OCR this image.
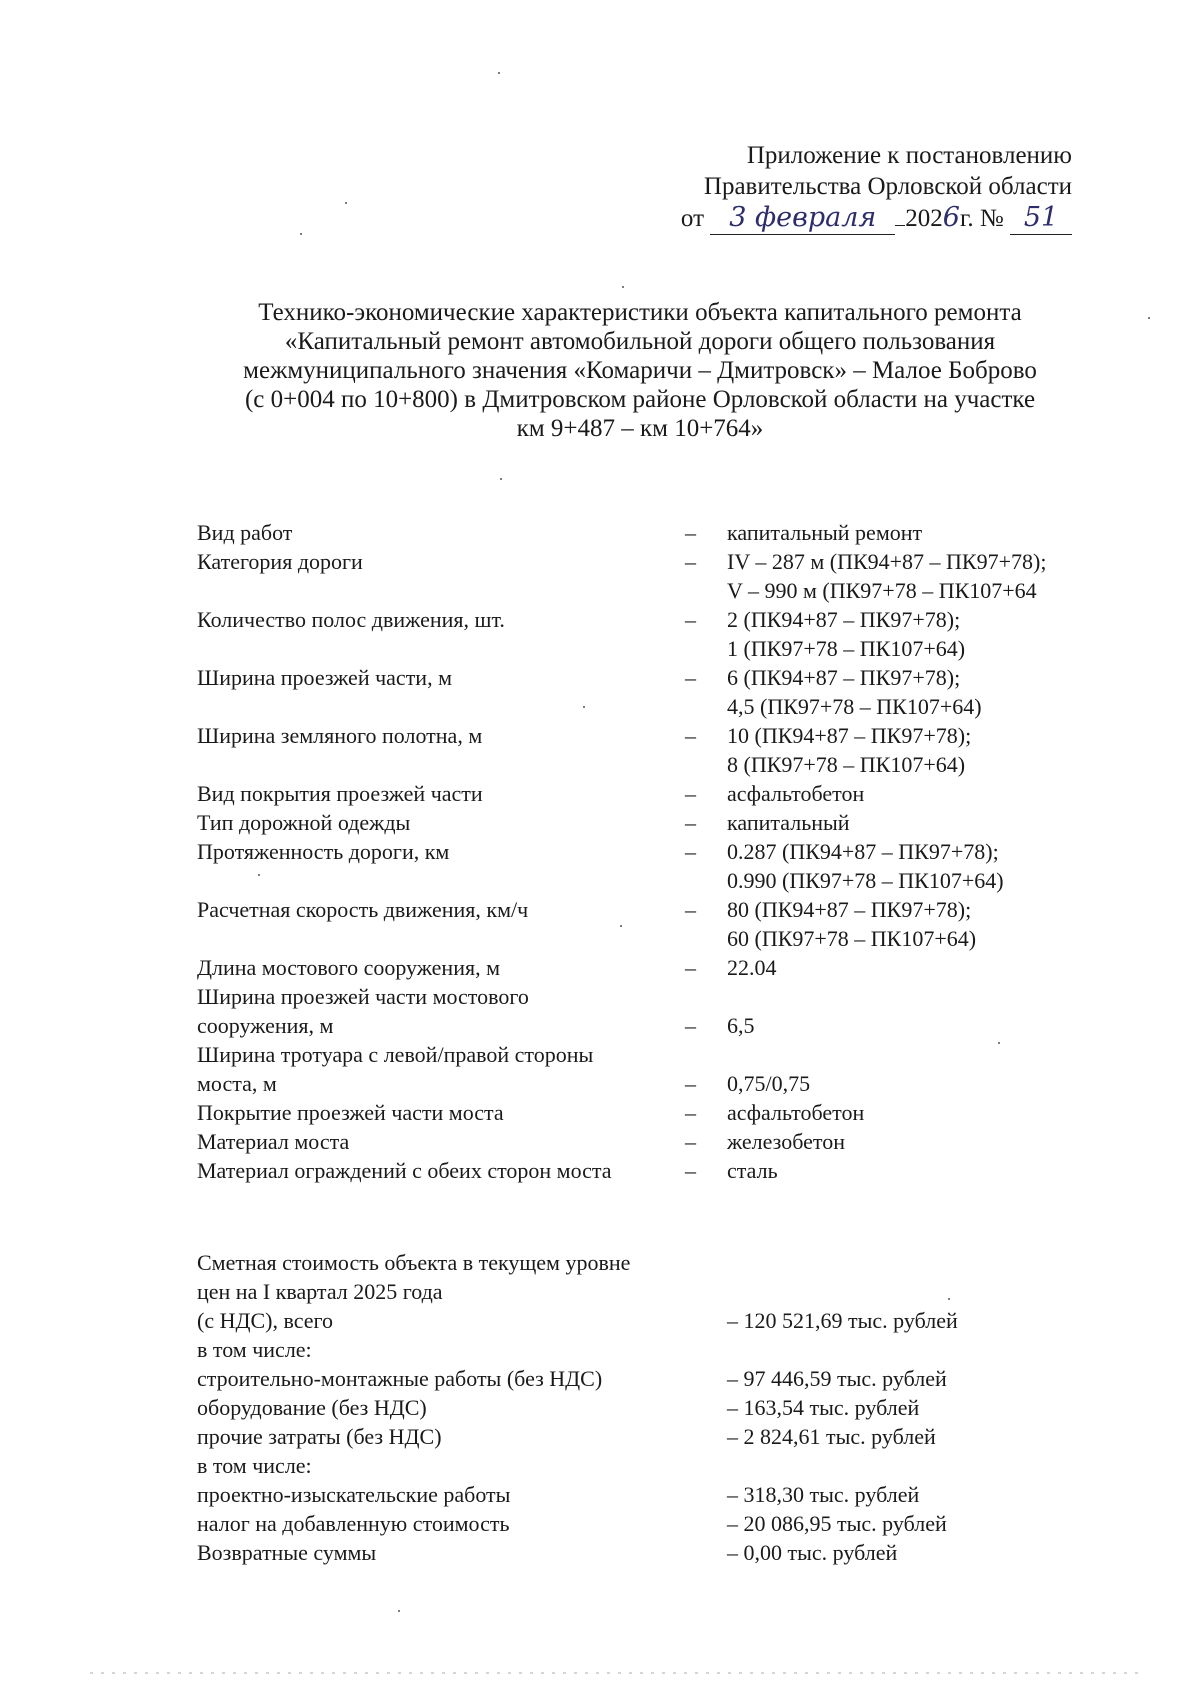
Приложение к постановлению
Правительства Орловской области
от 3 февраля 2026г. № 51
Технико-экономические характеристики объекта капитального ремонта
«Капитальный ремонт автомобильной дороги общего пользования
межмуниципального значения «Комаричи – Дмитровск» – Малое Боброво
(с 0+004 по 10+800) в Дмитровском районе Орловской области на участке
км 9+487 – км 10+764»
Вид работ	–	капитальный ремонт
Категория дороги	–	IV – 287 м (ПК94+87 – ПК97+78);
V – 990 м (ПК97+78 – ПК107+64
Количество полос движения, шт.	–	2 (ПК94+87 – ПК97+78);
1 (ПК97+78 – ПК107+64)
Ширина проезжей части, м	–	6 (ПК94+87 – ПК97+78);
4,5 (ПК97+78 – ПК107+64)
Ширина земляного полотна, м	–	10 (ПК94+87 – ПК97+78);
8 (ПК97+78 – ПК107+64)
Вид покрытия проезжей части	–	асфальтобетон
Тип дорожной одежды	–	капитальный
Протяженность дороги, км	–	0.287 (ПК94+87 – ПК97+78);
0.990 (ПК97+78 – ПК107+64)
Расчетная скорость движения, км/ч	–	80 (ПК94+87 – ПК97+78);
60 (ПК97+78 – ПК107+64)
Длина мостового сооружения, м	–	22.04
Ширина проезжей части мостового
сооружения, м	–	6,5
Ширина тротуара с левой/правой стороны
моста, м	–	0,75/0,75
Покрытие проезжей части моста	–	асфальтобетон
Материал моста	–	железобетон
Материал ограждений с обеих сторон моста	–	сталь
Сметная стоимость объекта в текущем уровне
цен на I квартал 2025 года
(с НДС), всего	– 120 521,69 тыс. рублей
в том числе:
строительно-монтажные работы (без НДС)	– 97 446,59 тыс. рублей
оборудование (без НДС)	– 163,54 тыс. рублей
прочие затраты (без НДС)	– 2 824,61 тыс. рублей
в том числе:
проектно-изыскательские работы	– 318,30 тыс. рублей
налог на добавленную стоимость	– 20 086,95 тыс. рублей
Возвратные суммы	– 0,00 тыс. рублей
